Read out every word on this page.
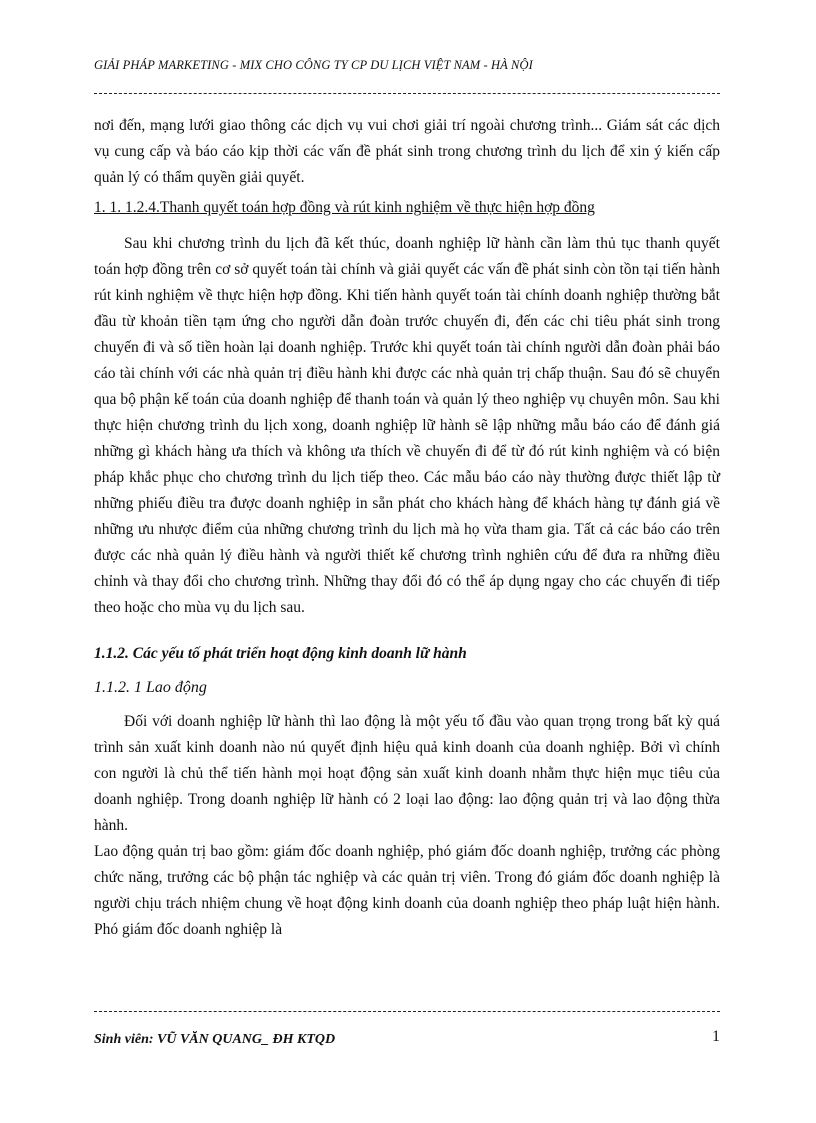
GIẢI PHÁP MARKETING - MIX CHO CÔNG TY CP DU LỊCH VIỆT NAM - HÀ NỘI

nơi đến, mạng lưới giao thông các dịch vụ vui chơi giải trí ngoài chương trình... Giám sát các dịch vụ cung cấp và báo cáo kịp thời các vấn đề phát sinh trong chương trình du lịch để xin ý kiến cấp quản lý có thẩm quyền giải quyết.

1. 1. 1.2.4.Thanh quyết toán hợp đồng và rút kinh nghiệm về thực hiện hợp đồng

Sau khi chương trình du lịch đã kết thúc, doanh nghiệp lữ hành cần làm thủ tục thanh quyết toán hợp đồng trên cơ sở quyết toán tài chính và giải quyết các vấn đề phát sinh còn tồn tại tiến hành rút kinh nghiệm về thực hiện hợp đồng. Khi tiến hành quyết toán tài chính doanh nghiệp thường bắt đầu từ khoản tiền tạm ứng cho người dẫn đoàn trước chuyến đi, đến các chi tiêu phát sinh trong chuyến đi và số tiền hoàn lại doanh nghiệp. Trước khi quyết toán tài chính người dẫn đoàn phải báo cáo tài chính với các nhà quản trị điều hành khi được các nhà quản trị chấp thuận. Sau đó sẽ chuyển qua bộ phận kế toán của doanh nghiệp để thanh toán và quản lý theo nghiệp vụ chuyên môn. Sau khi thực hiện chương trình du lịch xong, doanh nghiệp lữ hành sẽ lập những mẫu báo cáo để đánh giá những gì khách hàng ưa thích và không ưa thích về chuyến đi để từ đó rút kinh nghiệm và có biện pháp khắc phục cho chương trình du lịch tiếp theo. Các mẫu báo cáo này thường được thiết lập từ những phiếu điều tra được doanh nghiệp in sẵn phát cho khách hàng để khách hàng tự đánh giá về những ưu nhược điểm của những chương trình du lịch mà họ vừa tham gia. Tất cả các báo cáo trên được các nhà quản lý điều hành và người thiết kế chương trình nghiên cứu để đưa ra những điều chỉnh và thay đổi cho chương trình. Những thay đổi đó có thể áp dụng ngay cho các chuyến đi tiếp theo hoặc cho mùa vụ du lịch sau.

1.1.2. Các yếu tố phát triển hoạt động kinh doanh lữ hành

1.1.2. 1 Lao động

Đối với doanh nghiệp lữ hành thì lao động là một yếu tố đầu vào quan trọng trong bất kỳ quá trình sản xuất kinh doanh nào nú quyết định hiệu quả kinh doanh của doanh nghiệp. Bởi vì chính con người là chủ thể tiến hành mọi hoạt động sản xuất kinh doanh nhằm thực hiện mục tiêu của doanh nghiệp. Trong doanh nghiệp lữ hành có 2 loại lao động: lao động quản trị và lao động thừa hành.

Lao động quản trị bao gồm: giám đốc doanh nghiệp, phó giám đốc doanh nghiệp, trưởng các phòng chức năng, trưởng các bộ phận tác nghiệp và các quản trị viên. Trong đó giám đốc doanh nghiệp là người chịu trách nhiệm chung về hoạt động kinh doanh của doanh nghiệp theo pháp luật hiện hành. Phó giám đốc doanh nghiệp là

Sinh viên: VŨ VĂN QUANG_ ĐH KTQD	1
